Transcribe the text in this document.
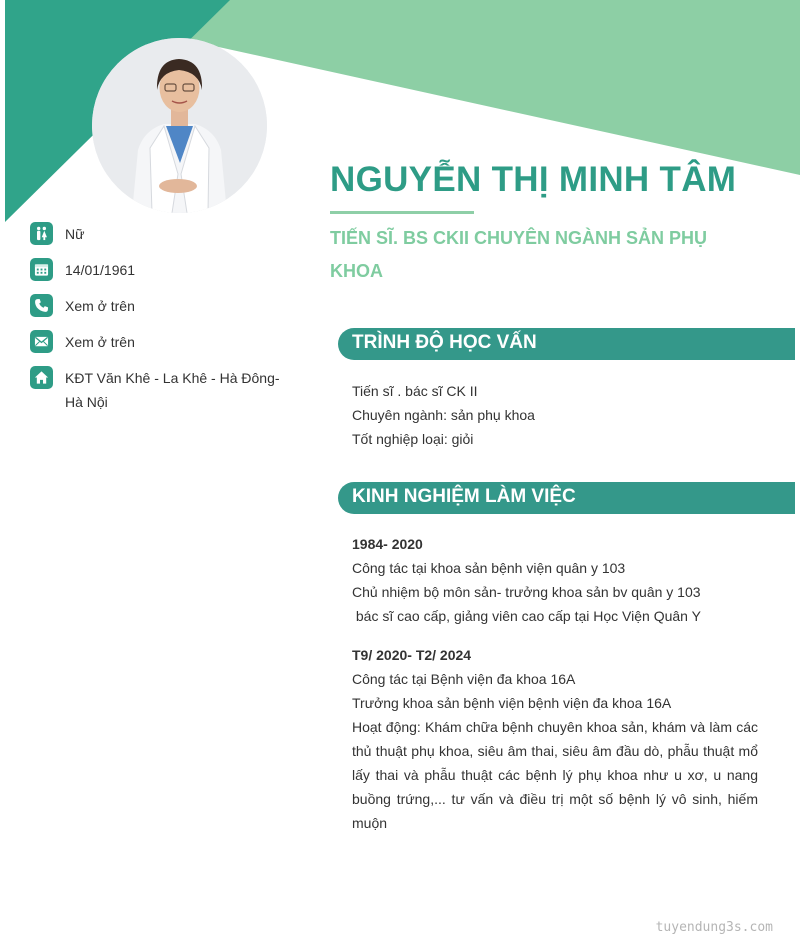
NGUYỄN THỊ MINH TÂM
TIẾN SĨ. BS CKII CHUYÊN NGÀNH SẢN PHỤ KHOA
Nữ
14/01/1961
Xem ở trên
Xem ở trên
KĐT Văn Khê - La Khê - Hà Đông- Hà Nội
TRÌNH ĐỘ HỌC VẤN
Tiến sĩ . bác sĩ CK II
Chuyên ngành: sản phụ khoa
Tốt nghiệp loại: giỏi
KINH NGHIỆM LÀM VIỆC
1984- 2020
Công tác tại khoa sản bệnh viện quân y 103
Chủ nhiệm bộ môn sản- trưởng khoa sản bv quân y 103
bác sĩ cao cấp, giảng viên cao cấp tại Học Viện Quân Y
T9/ 2020- T2/ 2024
Công tác tại Bệnh viện đa khoa 16A
Trưởng khoa sản bệnh viện bệnh viện đa khoa 16A
Hoạt động: Khám chữa bệnh chuyên khoa sản, khám và làm các thủ thuật phụ khoa, siêu âm thai, siêu âm đầu dò, phẫu thuật mổ lấy thai và phẫu thuật các bệnh lý phụ khoa như u xơ, u nang buồng trứng,... tư vấn và điều trị một số bệnh lý vô sinh, hiếm muộn
tuyendung3s.com
